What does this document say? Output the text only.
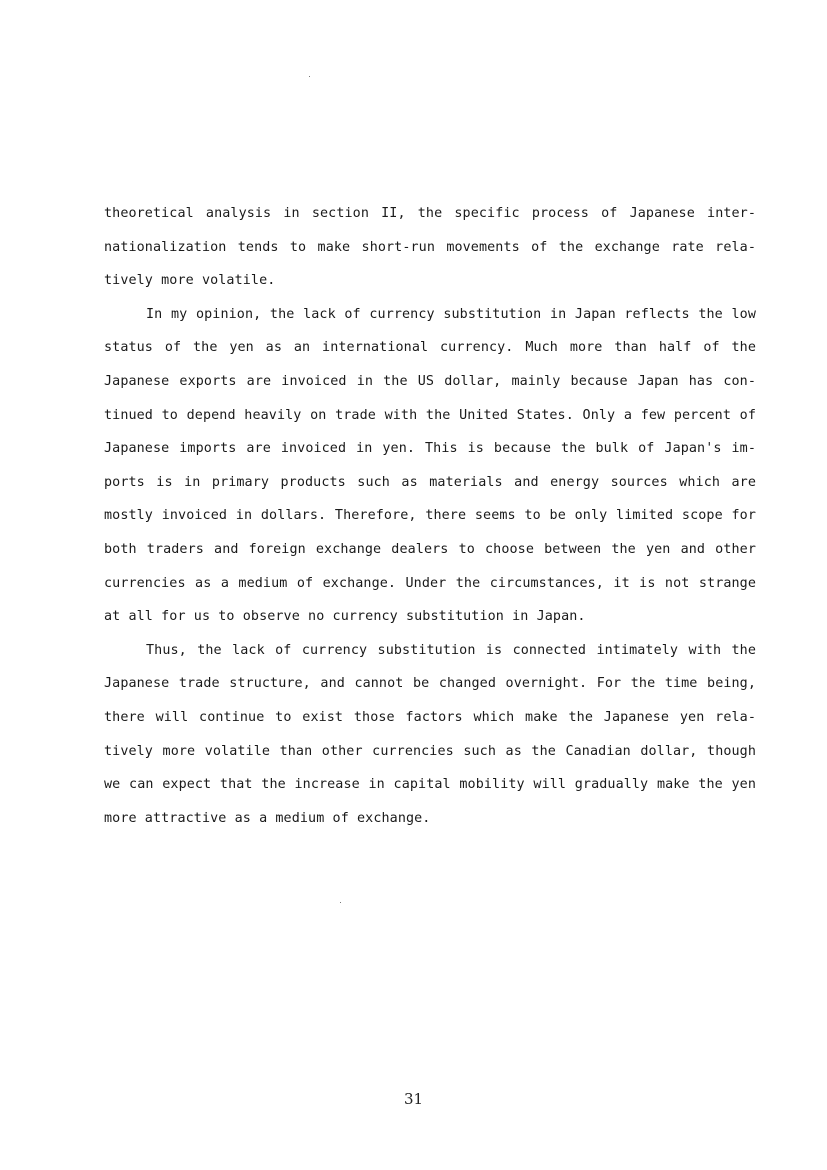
theoretical analysis in section II, the specific process of Japanese inter-
nationalization tends to make short-run movements of the exchange rate rela-
tively more volatile.
In my opinion, the lack of currency substitution in Japan reflects the low
status of the yen as an international currency. Much more than half of the
Japanese exports are invoiced in the US dollar, mainly because Japan has con-
tinued to depend heavily on trade with the United States. Only a few percent of
Japanese imports are invoiced in yen. This is because the bulk of Japan's im-
ports is in primary products such as materials and energy sources which are
mostly invoiced in dollars. Therefore, there seems to be only limited scope for
both traders and foreign exchange dealers to choose between the yen and other
currencies as a medium of exchange. Under the circumstances, it is not strange
at all for us to observe no currency substitution in Japan.
Thus, the lack of currency substitution is connected intimately with the
Japanese trade structure, and cannot be changed overnight. For the time being,
there will continue to exist those factors which make the Japanese yen rela-
tively more volatile than other currencies such as the Canadian dollar, though
we can expect that the increase in capital mobility will gradually make the yen
more attractive as a medium of exchange.
31
